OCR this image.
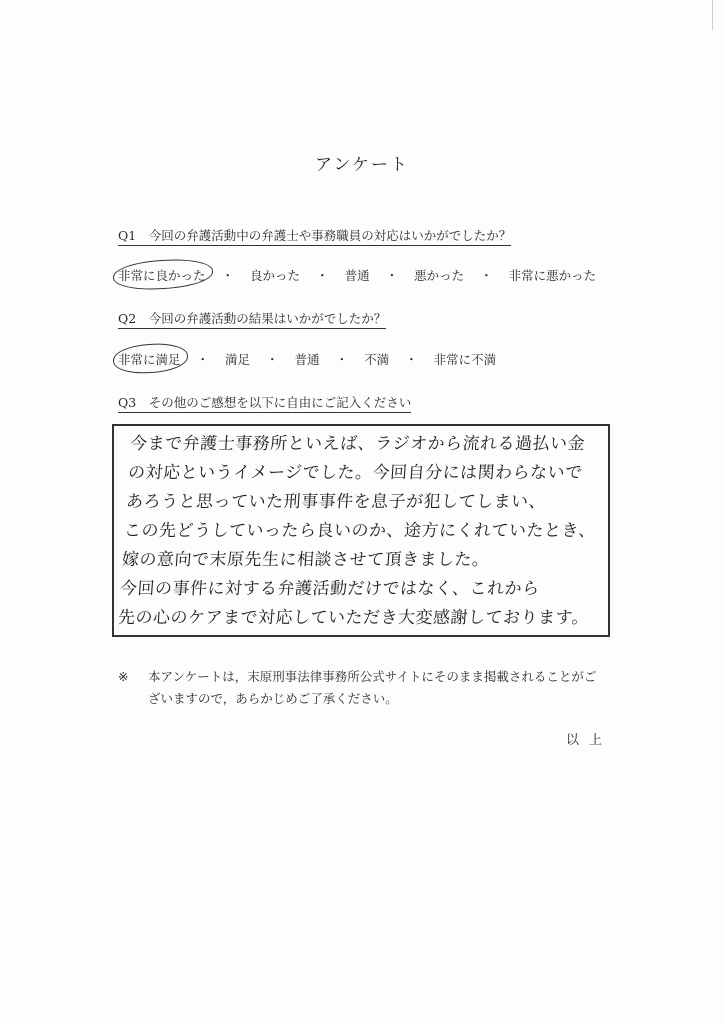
アンケート
Q1　今回の弁護活動中の弁護士や事務職員の対応はいかがでしたか？
非常に良かった ・ 良かった ・ 普通 ・ 悪かった ・ 非常に悪かった
Q2　今回の弁護活動の結果はいかがでしたか？
非常に満足 ・ 満足 ・ 普通 ・ 不満 ・ 非常に不満
Q3　その他のご感想を以下に自由にご記入ください
今まで弁護士事務所といえば、ラジオから流れる過払い金
の対応というイメージでした。今回自分には関わらないで
あろうと思っていた刑事事件を息子が犯してしまい、
この先どうしていったら良いのか、途方にくれていたとき、
嫁の意向で末原先生に相談させて頂きました。
今回の事件に対する弁護活動だけではなく、これから
先の心のケアまで対応していただき大変感謝しております。
※ 本アンケートは，末原刑事法律事務所公式サイトにそのまま掲載されることがございますので，あらかじめご了承ください。
以上
